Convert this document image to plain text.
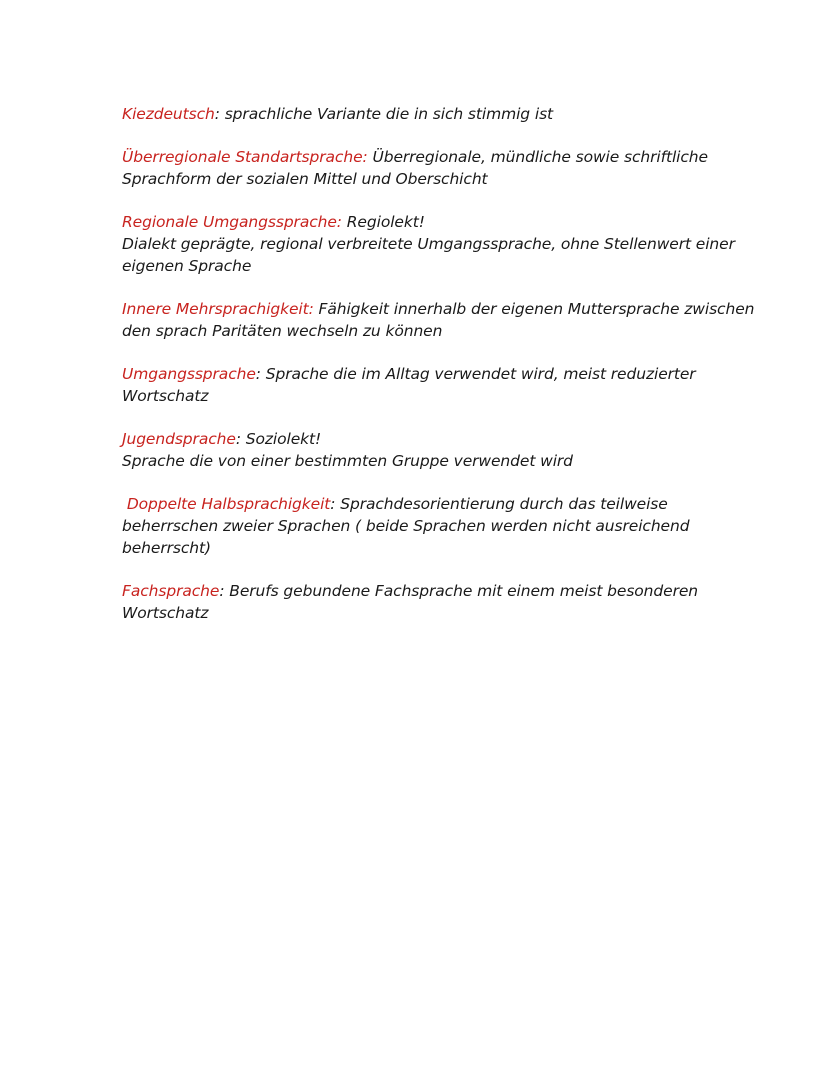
Kiezdeutsch: sprachliche Variante die in sich stimmig ist
Überregionale Standartsprache: Überregionale, mündliche sowie schriftliche
Sprachform der sozialen Mittel und Oberschicht
Regionale Umgangssprache: Regiolekt!
Dialekt geprägte, regional verbreitete Umgangssprache, ohne Stellenwert einer
eigenen Sprache
Innere Mehrsprachigkeit: Fähigkeit innerhalb der eigenen Muttersprache zwischen
den sprach Paritäten wechseln zu können
Umgangssprache: Sprache die im Alltag verwendet wird, meist reduzierter
Wortschatz
Jugendsprache: Soziolekt!
Sprache die von einer bestimmten Gruppe verwendet wird
Doppelte Halbsprachigkeit: Sprachdesorientierung durch das teilweise
beherrschen zweier Sprachen ( beide Sprachen werden nicht ausreichend
beherrscht)
Fachsprache: Berufs gebundene Fachsprache mit einem meist besonderen
Wortschatz
